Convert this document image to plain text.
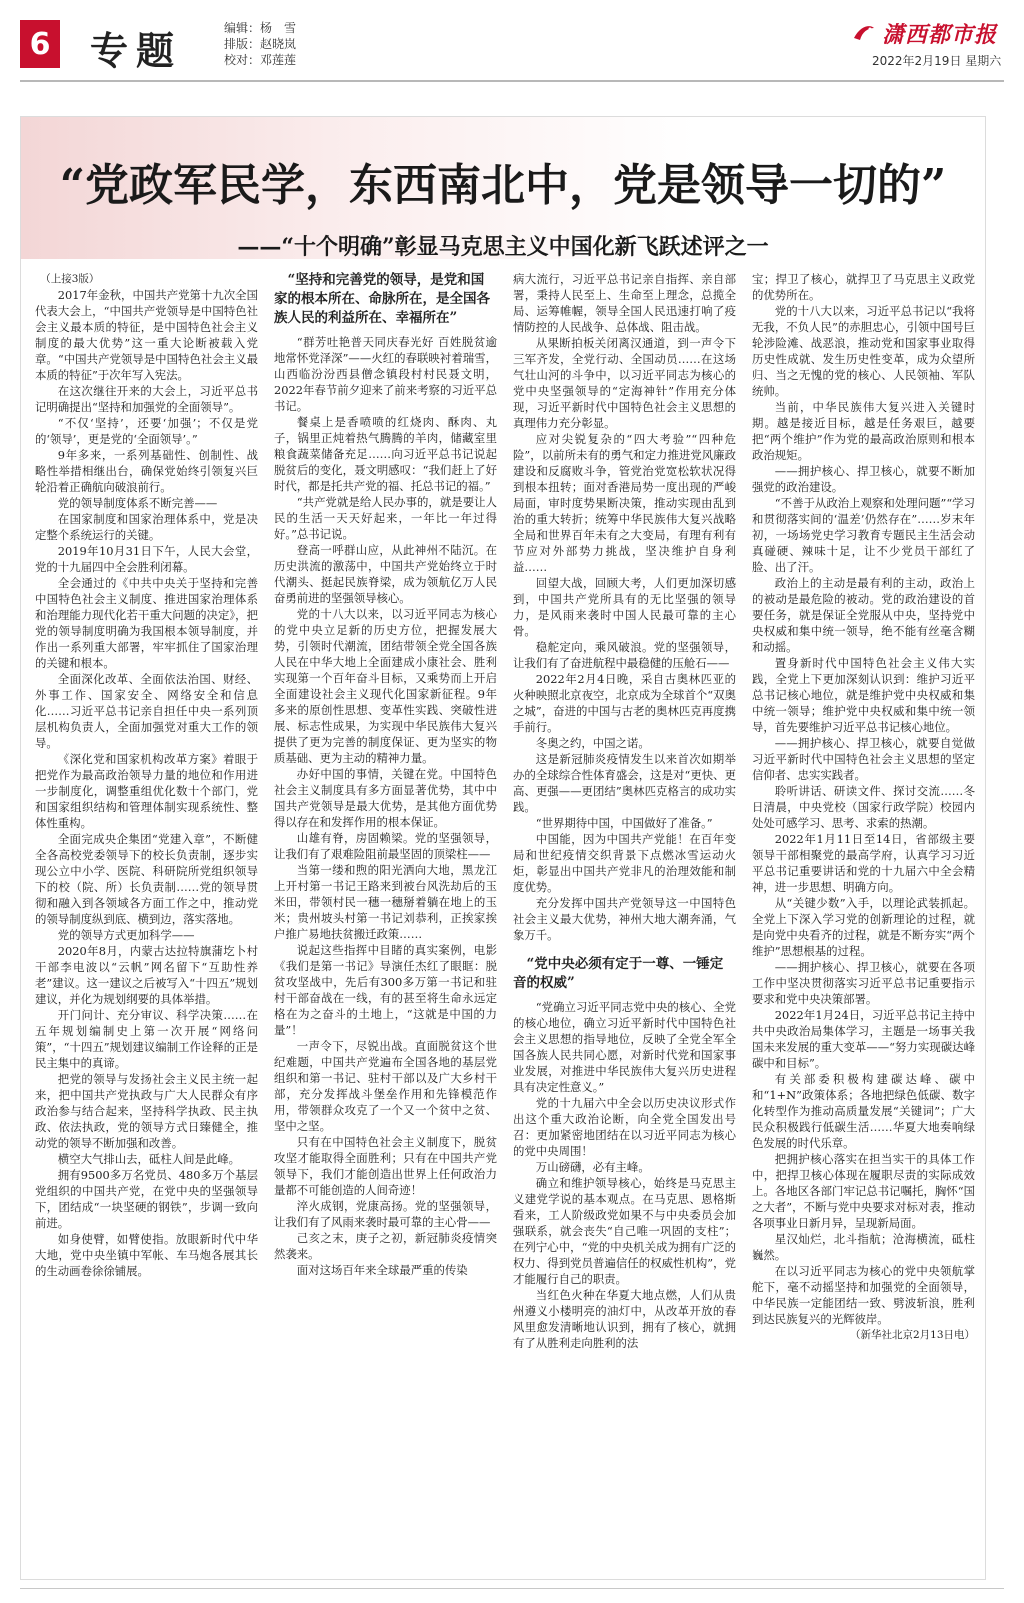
6 专题	编辑：杨　雪
排版：赵晓岚
校对：邓莲莲
潇西都市报
2022年2月19日 星期六
“党政军民学，东西南北中，党是领导一切的”
——“十个明确”彰显马克思主义中国化新飞跃述评之一

（上接3版）

2017年金秋，中国共产党第十九次全国代表大会上，“中国共产党领导是中国特色社会主义最本质的特征，是中国特色社会主义制度的最大优势”这一重大论断被载入党章。“中国共产党领导是中国特色社会主义最本质的特征”于次年写入宪法。

在这次继往开来的大会上，习近平总书记明确提出“坚持和加强党的全面领导”。

“不仅‘坚持’，还要‘加强’；不仅是党的‘领导’，更是党的‘全面领导’。”

9年多来，一系列基础性、创制性、战略性举措相继出台，确保党始终引领复兴巨轮沿着正确航向破浪前行。

党的领导制度体系不断完善——

在国家制度和国家治理体系中，党是决定整个系统运行的关键。

2019年10月31日下午，人民大会堂，党的十九届四中全会胜利闭幕。

全会通过的《中共中央关于坚持和完善中国特色社会主义制度、推进国家治理体系和治理能力现代化若干重大问题的决定》，把党的领导制度明确为我国根本领导制度，并作出一系列重大部署，牢牢抓住了国家治理的关键和根本。

全面深化改革、全面依法治国、财经、外事工作、国家安全、网络安全和信息化……习近平总书记亲自担任中央一系列顶层机构负责人，全面加强党对重大工作的领导。

《深化党和国家机构改革方案》着眼于把党作为最高政治领导力量的地位和作用进一步制度化，调整重组优化数十个部门，党和国家组织结构和管理体制实现系统性、整体性重构。

全面完成央企集团“党建入章”，不断健全各高校党委领导下的校长负责制，逐步实现公立中小学、医院、科研院所党组织领导下的校（院、所）长负责制……党的领导贯彻和融入到各领域各方面工作之中，推动党的领导制度纵到底、横到边，落实落地。

党的领导方式更加科学——

2020年8月，内蒙古达拉特旗蒲圪卜村干部李电波以“云帆”网名留下“互助性养老”建议。这一建议之后被写入“十四五”规划建议，并化为规划纲要的具体举措。

开门问计、充分审议、科学决策……在五年规划编制史上第一次开展“网络问策”，“十四五”规划建议编制工作诠释的正是民主集中的真谛。

把党的领导与发扬社会主义民主统一起来，把中国共产党执政与广大人民群众有序政治参与结合起来，坚持科学执政、民主执政、依法执政，党的领导方式日臻健全，推动党的领导不断加强和改善。

横空大气排山去，砥柱人间是此峰。

拥有9500多万名党员、480多万个基层党组织的中国共产党，在党中央的坚强领导下，团结成“一块坚硬的钢铁”，步调一致向前进。

如身使臂，如臂使指。放眼新时代中华大地，党中央坐镇中军帐、车马炮各展其长的生动画卷徐徐铺展。

“坚持和完善党的领导，是党和国家的根本所在、命脉所在，是全国各族人民的利益所在、幸福所在”

“群芳吐艳普天同庆春光好 百姓脱贫逾地常怀党泽深”——火红的春联映衬着瑞雪，山西临汾汾西县僧念镇段村村民聂文明，2022年春节前夕迎来了前来考察的习近平总书记。

餐桌上是香喷喷的红烧肉、酥肉、丸子，锅里正炖着热气腾腾的羊肉，储藏室里粮食蔬菜储备充足……向习近平总书记说起脱贫后的变化，聂文明感叹：“我们赶上了好时代，都是托共产党的福、托总书记的福。”

“共产党就是给人民办事的，就是要让人民的生活一天天好起来，一年比一年过得好。”总书记说。

登高一呼群山应，从此神州不陆沉。在历史洪流的激荡中，中国共产党始终立于时代潮头、挺起民族脊梁，成为领航亿万人民奋勇前进的坚强领导核心。

党的十八大以来，以习近平同志为核心的党中央立足新的历史方位，把握发展大势，引领时代潮流，团结带领全党全国各族人民在中华大地上全面建成小康社会、胜利实现第一个百年奋斗目标，又乘势而上开启全面建设社会主义现代化国家新征程。9年多来的原创性思想、变革性实践、突破性进展、标志性成果，为实现中华民族伟大复兴提供了更为完善的制度保证、更为坚实的物质基础、更为主动的精神力量。

办好中国的事情，关键在党。中国特色社会主义制度具有多方面显著优势，其中中国共产党领导是最大优势，是其他方面优势得以存在和发挥作用的根本保证。

山雄有脊，房固赖梁。党的坚强领导，让我们有了艰难险阻前最坚固的顶梁柱——

当第一缕和煦的阳光洒向大地，黑龙江上开村第一书记王路来到被台风洗劫后的玉米田，带领村民一穗一穗掰着躺在地上的玉米；贵州坡头村第一书记刘恭利，正挨家挨户推广易地扶贫搬迁政策……

说起这些指挥中目睹的真实案例，电影《我们是第一书记》导演任杰红了眼眶：脱贫攻坚战中，先后有300多万第一书记和驻村干部奋战在一线，有的甚至将生命永远定格在为之奋斗的土地上，“这就是中国的力量”！

一声令下，尽锐出战。直面脱贫这个世纪难题，中国共产党遍布全国各地的基层党组织和第一书记、驻村干部以及广大乡村干部，充分发挥战斗堡垒作用和先锋模范作用，带领群众攻克了一个又一个贫中之贫、坚中之坚。

只有在中国特色社会主义制度下，脱贫攻坚才能取得全面胜利；只有在中国共产党领导下，我们才能创造出世界上任何政治力量都不可能创造的人间奇迹！

淬火成钢，党康高扬。党的坚强领导，让我们有了风雨来袭时最可靠的主心骨——

己亥之末，庚子之初，新冠肺炎疫情突然袭来。

面对这场百年来全球最严重的传染

病大流行，习近平总书记亲自指挥、亲自部署，秉持人民至上、生命至上理念，总揽全局、运筹帷幄，领导全国人民迅速打响了疫情防控的人民战争、总体战、阻击战。

从果断拍板关闭离汉通道，到一声令下三军齐发，全党行动、全国动员……在这场气壮山河的斗争中，以习近平同志为核心的党中央坚强领导的“定海神针”作用充分体现，习近平新时代中国特色社会主义思想的真理伟力充分彰显。

应对尖锐复杂的“四大考验”“四种危险”，以前所未有的勇气和定力推进党风廉政建设和反腐败斗争，管党治党宽松软状况得到根本扭转；面对香港局势一度出现的严峻局面，审时度势果断决策，推动实现由乱到治的重大转折；统筹中华民族伟大复兴战略全局和世界百年未有之大变局，有理有利有节应对外部势力挑战，坚决维护自身利益……

回望大战，回顾大考，人们更加深切感到，中国共产党所具有的无比坚强的领导力，是风雨来袭时中国人民最可靠的主心骨。

稳舵定向，乘风破浪。党的坚强领导，让我们有了奋进航程中最稳健的压舱石——

2022年2月4日晚，采自古奥林匹亚的火种映照北京夜空，北京成为全球首个“双奥之城”，奋进的中国与古老的奥林匹克再度携手前行。

冬奥之约，中国之诺。

这是新冠肺炎疫情发生以来首次如期举办的全球综合性体育盛会，这是对“更快、更高、更强——更团结”奥林匹克格言的成功实践。

“世界期待中国，中国做好了准备。”

中国能，因为中国共产党能！在百年变局和世纪疫情交织背景下点燃冰雪运动火炬，彰显出中国共产党非凡的治理效能和制度优势。

充分发挥中国共产党领导这一中国特色社会主义最大优势，神州大地大潮奔涌，气象万千。

“党中央必须有定于一尊、一锤定音的权威”

“党确立习近平同志党中央的核心、全党的核心地位，确立习近平新时代中国特色社会主义思想的指导地位，反映了全党全军全国各族人民共同心愿，对新时代党和国家事业发展，对推进中华民族伟大复兴历史进程具有决定性意义。”

党的十九届六中全会以历史决议形式作出这个重大政治论断，向全党全国发出号召：更加紧密地团结在以习近平同志为核心的党中央周围！

万山磅礴，必有主峰。

确立和维护领导核心，始终是马克思主义建党学说的基本观点。在马克思、恩格斯看来，工人阶级政党如果不与中央委员会加强联系，就会丧失“自己唯一巩固的支柱”；在列宁心中，“党的中央机关成为拥有广泛的权力、得到党员普遍信任的权威性机构”，党才能履行自己的职责。

当红色火种在华夏大地点燃，人们从贵州遵义小楼明亮的油灯中，从改革开放的春风里愈发清晰地认识到，拥有了核心，就拥有了从胜利走向胜利的法

宝；捍卫了核心，就捍卫了马克思主义政党的优势所在。

党的十八大以来，习近平总书记以“我将无我，不负人民”的赤胆忠心，引领中国号巨轮涉险滩、战恶浪，推动党和国家事业取得历史性成就、发生历史性变革，成为众望所归、当之无愧的党的核心、人民领袖、军队统帅。

当前，中华民族伟大复兴进入关键时期。越是接近目标，越是任务艰巨，越要把“两个维护”作为党的最高政治原则和根本政治规矩。

——拥护核心、捍卫核心，就要不断加强党的政治建设。

“不善于从政治上观察和处理问题”“学习和贯彻落实间的‘温差’仍然存在”……岁末年初，一场场党史学习教育专题民主生活会动真碰硬、辣味十足，让不少党员干部红了脸、出了汗。

政治上的主动是最有利的主动，政治上的被动是最危险的被动。党的政治建设的首要任务，就是保证全党服从中央，坚持党中央权威和集中统一领导，绝不能有丝毫含糊和动摇。

置身新时代中国特色社会主义伟大实践，全党上下更加深刻认识到：维护习近平总书记核心地位，就是维护党中央权威和集中统一领导；维护党中央权威和集中统一领导，首先要维护习近平总书记核心地位。

——拥护核心、捍卫核心，就要自觉做习近平新时代中国特色社会主义思想的坚定信仰者、忠实实践者。

聆听讲话、研读文件、探讨交流……冬日清晨，中央党校（国家行政学院）校园内处处可感学习、思考、求索的热潮。

2022年1月11日至14日，省部级主要领导干部相聚党的最高学府，认真学习习近平总书记重要讲话和党的十九届六中全会精神，进一步思想、明确方向。

从“关键少数”入手，以理论武装抓起。全党上下深入学习党的创新理论的过程，就是向党中央看齐的过程，就是不断夯实“两个维护”思想根基的过程。

——拥护核心、捍卫核心，就要在各项工作中坚决贯彻落实习近平总书记重要指示要求和党中央决策部署。

2022年1月24日，习近平总书记主持中共中央政治局集体学习，主题是一场事关我国未来发展的重大变革——“努力实现碳达峰碳中和目标”。

有关部委积极构建碳达峰、碳中和“1+N”政策体系；各地把绿色低碳、数字化转型作为推动高质量发展“关键词”；广大民众积极践行低碳生活……华夏大地奏响绿色发展的时代乐章。

把拥护核心落实在担当实干的具体工作中，把捍卫核心体现在履职尽责的实际成效上。各地区各部门牢记总书记嘱托，胸怀“国之大者”，不断与党中央要求对标对表，推动各项事业日新月异，呈现新局面。

星汉灿烂，北斗指航；沧海横流，砥柱巍然。

在以习近平同志为核心的党中央领航掌舵下，毫不动摇坚持和加强党的全面领导，中华民族一定能团结一致、劈波斩浪，胜利到达民族复兴的光辉彼岸。

（新华社北京2月13日电）
